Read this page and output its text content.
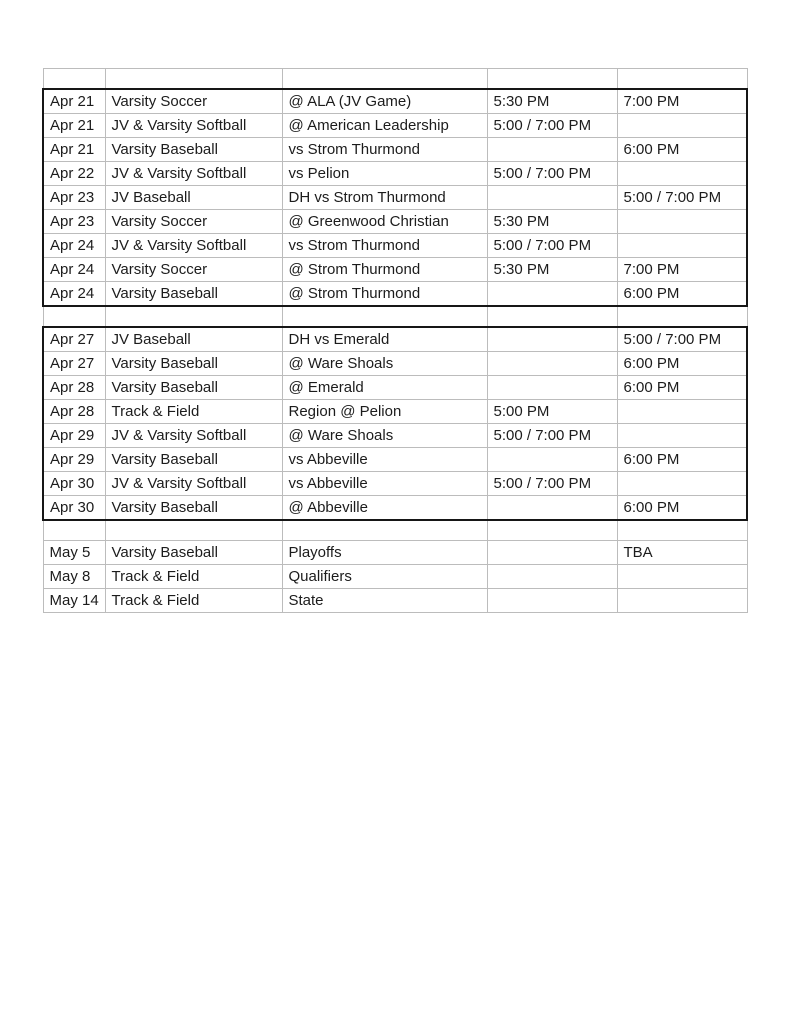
Apr 21	Varsity Soccer	@ ALA (JV Game)	5:30 PM	7:00 PM
Apr 21	JV & Varsity Softball	@ American Leadership	5:00 / 7:00 PM	
Apr 21	Varsity Baseball	vs Strom Thurmond		6:00 PM
Apr 22	JV & Varsity Softball	vs Pelion	5:00 / 7:00 PM	
Apr 23	JV Baseball	DH vs Strom Thurmond		5:00 / 7:00 PM
Apr 23	Varsity Soccer	@ Greenwood Christian	5:30 PM	
Apr 24	JV & Varsity Softball	vs Strom Thurmond	5:00 / 7:00 PM	
Apr 24	Varsity Soccer	@ Strom Thurmond	5:30 PM	7:00 PM
Apr 24	Varsity Baseball	@ Strom Thurmond		6:00 PM

Apr 27	JV Baseball	DH vs Emerald		5:00 / 7:00 PM
Apr 27	Varsity Baseball	@ Ware Shoals		6:00 PM
Apr 28	Varsity Baseball	@ Emerald		6:00 PM
Apr 28	Track & Field	Region @ Pelion	5:00 PM	
Apr 29	JV & Varsity Softball	@ Ware Shoals	5:00 / 7:00 PM	
Apr 29	Varsity Baseball	vs Abbeville		6:00 PM
Apr 30	JV & Varsity Softball	vs Abbeville	5:00 / 7:00 PM	
Apr 30	Varsity Baseball	@ Abbeville		6:00 PM

May 5	Varsity Baseball	Playoffs		TBA
May 8	Track & Field	Qualifiers		
May 14	Track & Field	State		
